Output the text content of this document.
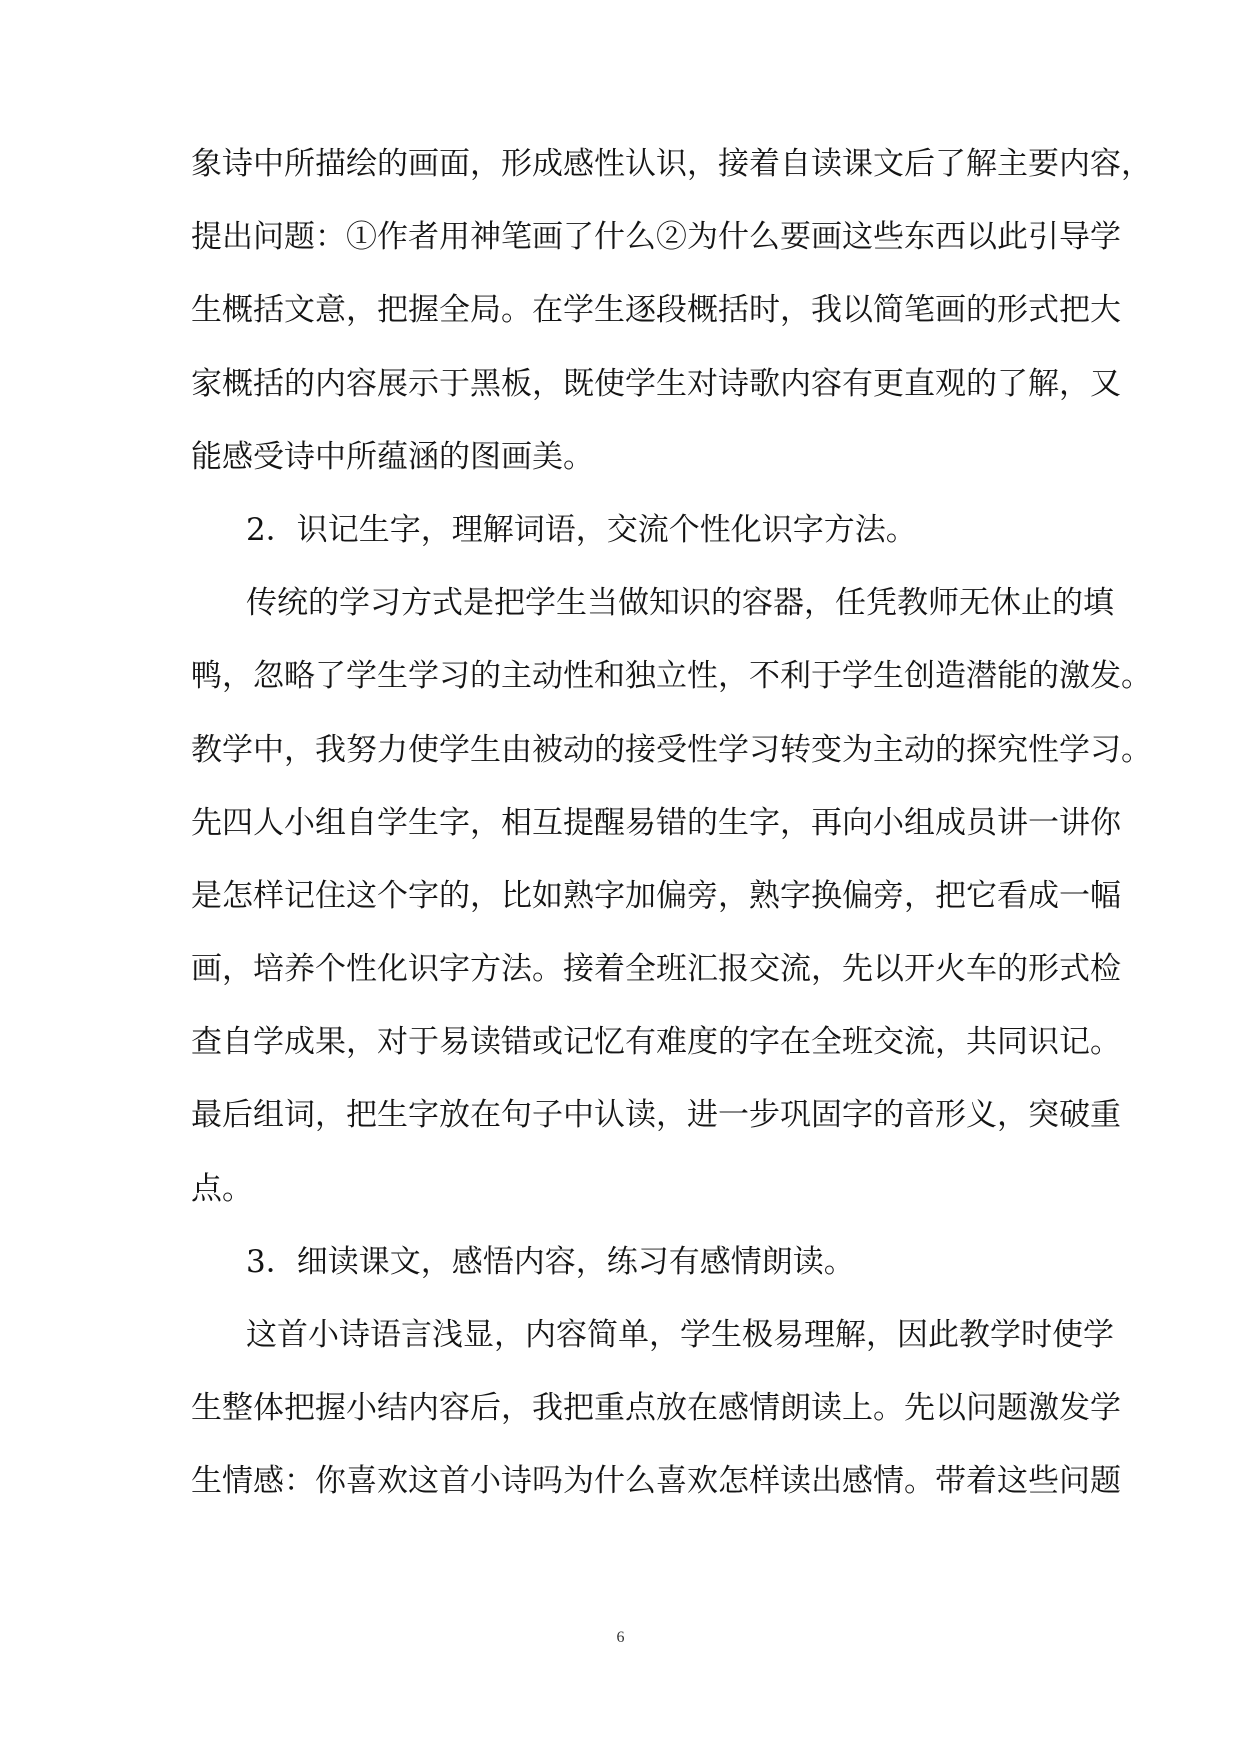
象诗中所描绘的画面，形成感性认识，接着自读课文后了解主要内容，
提出问题：①作者用神笔画了什么②为什么要画这些东西以此引导学
生概括文意，把握全局。在学生逐段概括时，我以简笔画的形式把大
家概括的内容展示于黑板，既使学生对诗歌内容有更直观的了解，又
能感受诗中所蕴涵的图画美。
2．识记生字，理解词语，交流个性化识字方法。
传统的学习方式是把学生当做知识的容器，任凭教师无休止的填
鸭，忽略了学生学习的主动性和独立性，不利于学生创造潜能的激发。
教学中，我努力使学生由被动的接受性学习转变为主动的探究性学习。
先四人小组自学生字，相互提醒易错的生字，再向小组成员讲一讲你
是怎样记住这个字的，比如熟字加偏旁，熟字换偏旁，把它看成一幅
画，培养个性化识字方法。接着全班汇报交流，先以开火车的形式检
查自学成果，对于易读错或记忆有难度的字在全班交流，共同识记。
最后组词，把生字放在句子中认读，进一步巩固字的音形义，突破重
点。
3．细读课文，感悟内容，练习有感情朗读。
这首小诗语言浅显，内容简单，学生极易理解，因此教学时使学
生整体把握小结内容后，我把重点放在感情朗读上。先以问题激发学
生情感：你喜欢这首小诗吗为什么喜欢怎样读出感情。带着这些问题
6
